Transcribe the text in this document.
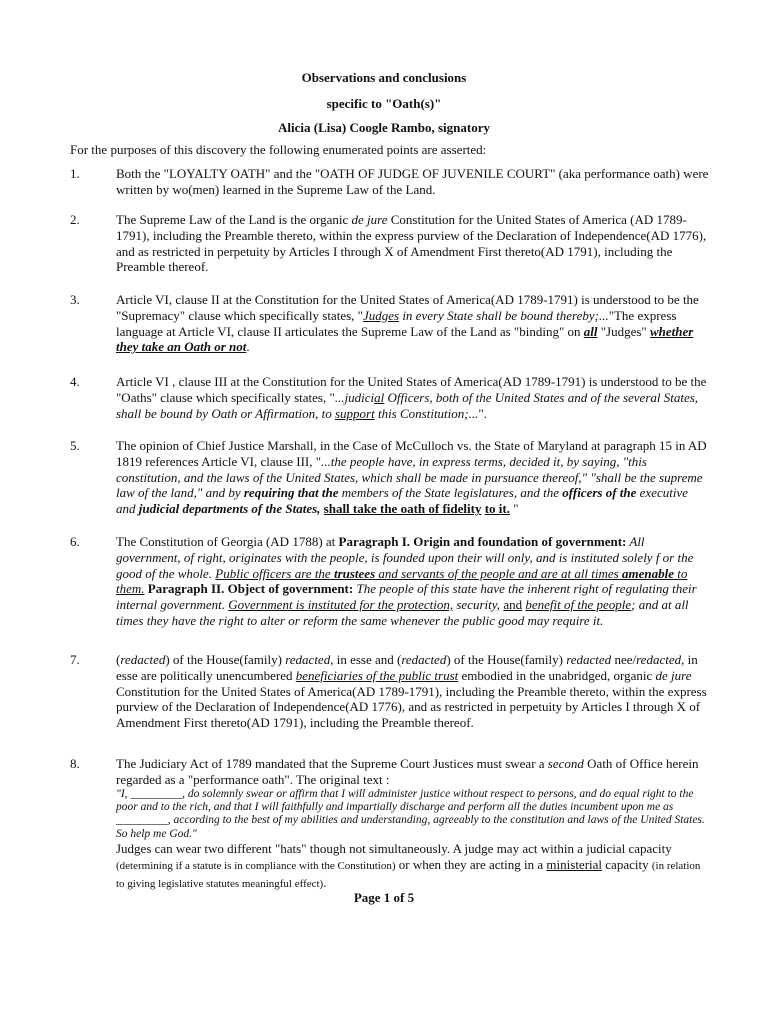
Observations and conclusions
specific to "Oath(s)"
Alicia (Lisa) Coogle Rambo, signatory
For the purposes of this discovery the following enumerated points are asserted:
1.	Both the "LOYALTY OATH" and the "OATH OF JUDGE OF JUVENILE COURT" (aka performance oath) were written by wo(men) learned in the Supreme Law of the Land.
2.	The Supreme Law of the Land is the organic de jure Constitution for the United States of America (AD 1789-1791), including the Preamble thereto, within the express purview of the Declaration of Independence(AD 1776), and as restricted in perpetuity by Articles I through X of Amendment First thereto(AD 1791), including the Preamble thereof.
3.	Article VI, clause II at the Constitution for the United States of America(AD 1789-1791) is understood to be the "Supremacy" clause which specifically states, "Judges in every State shall be bound thereby;..."The express language at Article VI, clause II articulates the Supreme Law of the Land as "binding" on all "Judges" whether they take an Oath or not.
4.	Article VI , clause III at the Constitution for the United States of America(AD 1789-1791) is understood to be the "Oaths" clause which specifically states, "...judicial Officers, both of the United States and of the several States, shall be bound by Oath or Affirmation, to support this Constitution;...".
5.	The opinion of Chief Justice Marshall, in the Case of McCulloch vs. the State of Maryland at paragraph 15 in AD 1819 references Article VI, clause III, "...the people have, in express terms, decided it, by saying, "this constitution, and the laws of the United States, which shall be made in pursuance thereof," "shall be the supreme law of the land," and by requiring that the members of the State legislatures, and the officers of the executive and judicial departments of the States, shall take the oath of fidelity to it. "
6.	The Constitution of Georgia (AD 1788) at Paragraph I. Origin and foundation of government: All government, of right, originates with the people, is founded upon their will only, and is instituted solely f or the good of the whole. Public officers are the trustees and servants of the people and are at all times amenable to them. Paragraph II. Object of government: The people of this state have the inherent right of regulating their internal government. Government is instituted for the protection, security, and benefit of the people; and at all times they have the right to alter or reform the same whenever the public good may require it.
7.	(redacted) of the House(family) redacted, in esse and (redacted) of the House(family) redacted nee/redacted, in esse are politically unencumbered beneficiaries of the public trust embodied in the unabridged, organic de jure Constitution for the United States of America(AD 1789-1791), including the Preamble thereto, within the express purview of the Declaration of Independence(AD 1776), and as restricted in perpetuity by Articles I through X of Amendment First thereto(AD 1791), including the Preamble thereof.
8.	The Judiciary Act of 1789 mandated that the Supreme Court Justices must swear a second Oath of Office herein regarded as a "performance oath". The original text :

"I, _________, do solemnly swear or affirm that I will administer justice without respect to persons, and do equal right to the poor and to the rich, and that I will faithfully and impartially discharge and perform all the duties incumbent upon me as _________, according to the best of my abilities and understanding, agreeably to the constitution and laws of the United States. So help me God."

Judges can wear two different "hats" though not simultaneously. A judge may act within a judicial capacity (determining if a statute is in compliance with the Constitution) or when they are acting in a ministerial capacity (in relation to giving legislative statutes meaningful effect).

Page 1 of 5
